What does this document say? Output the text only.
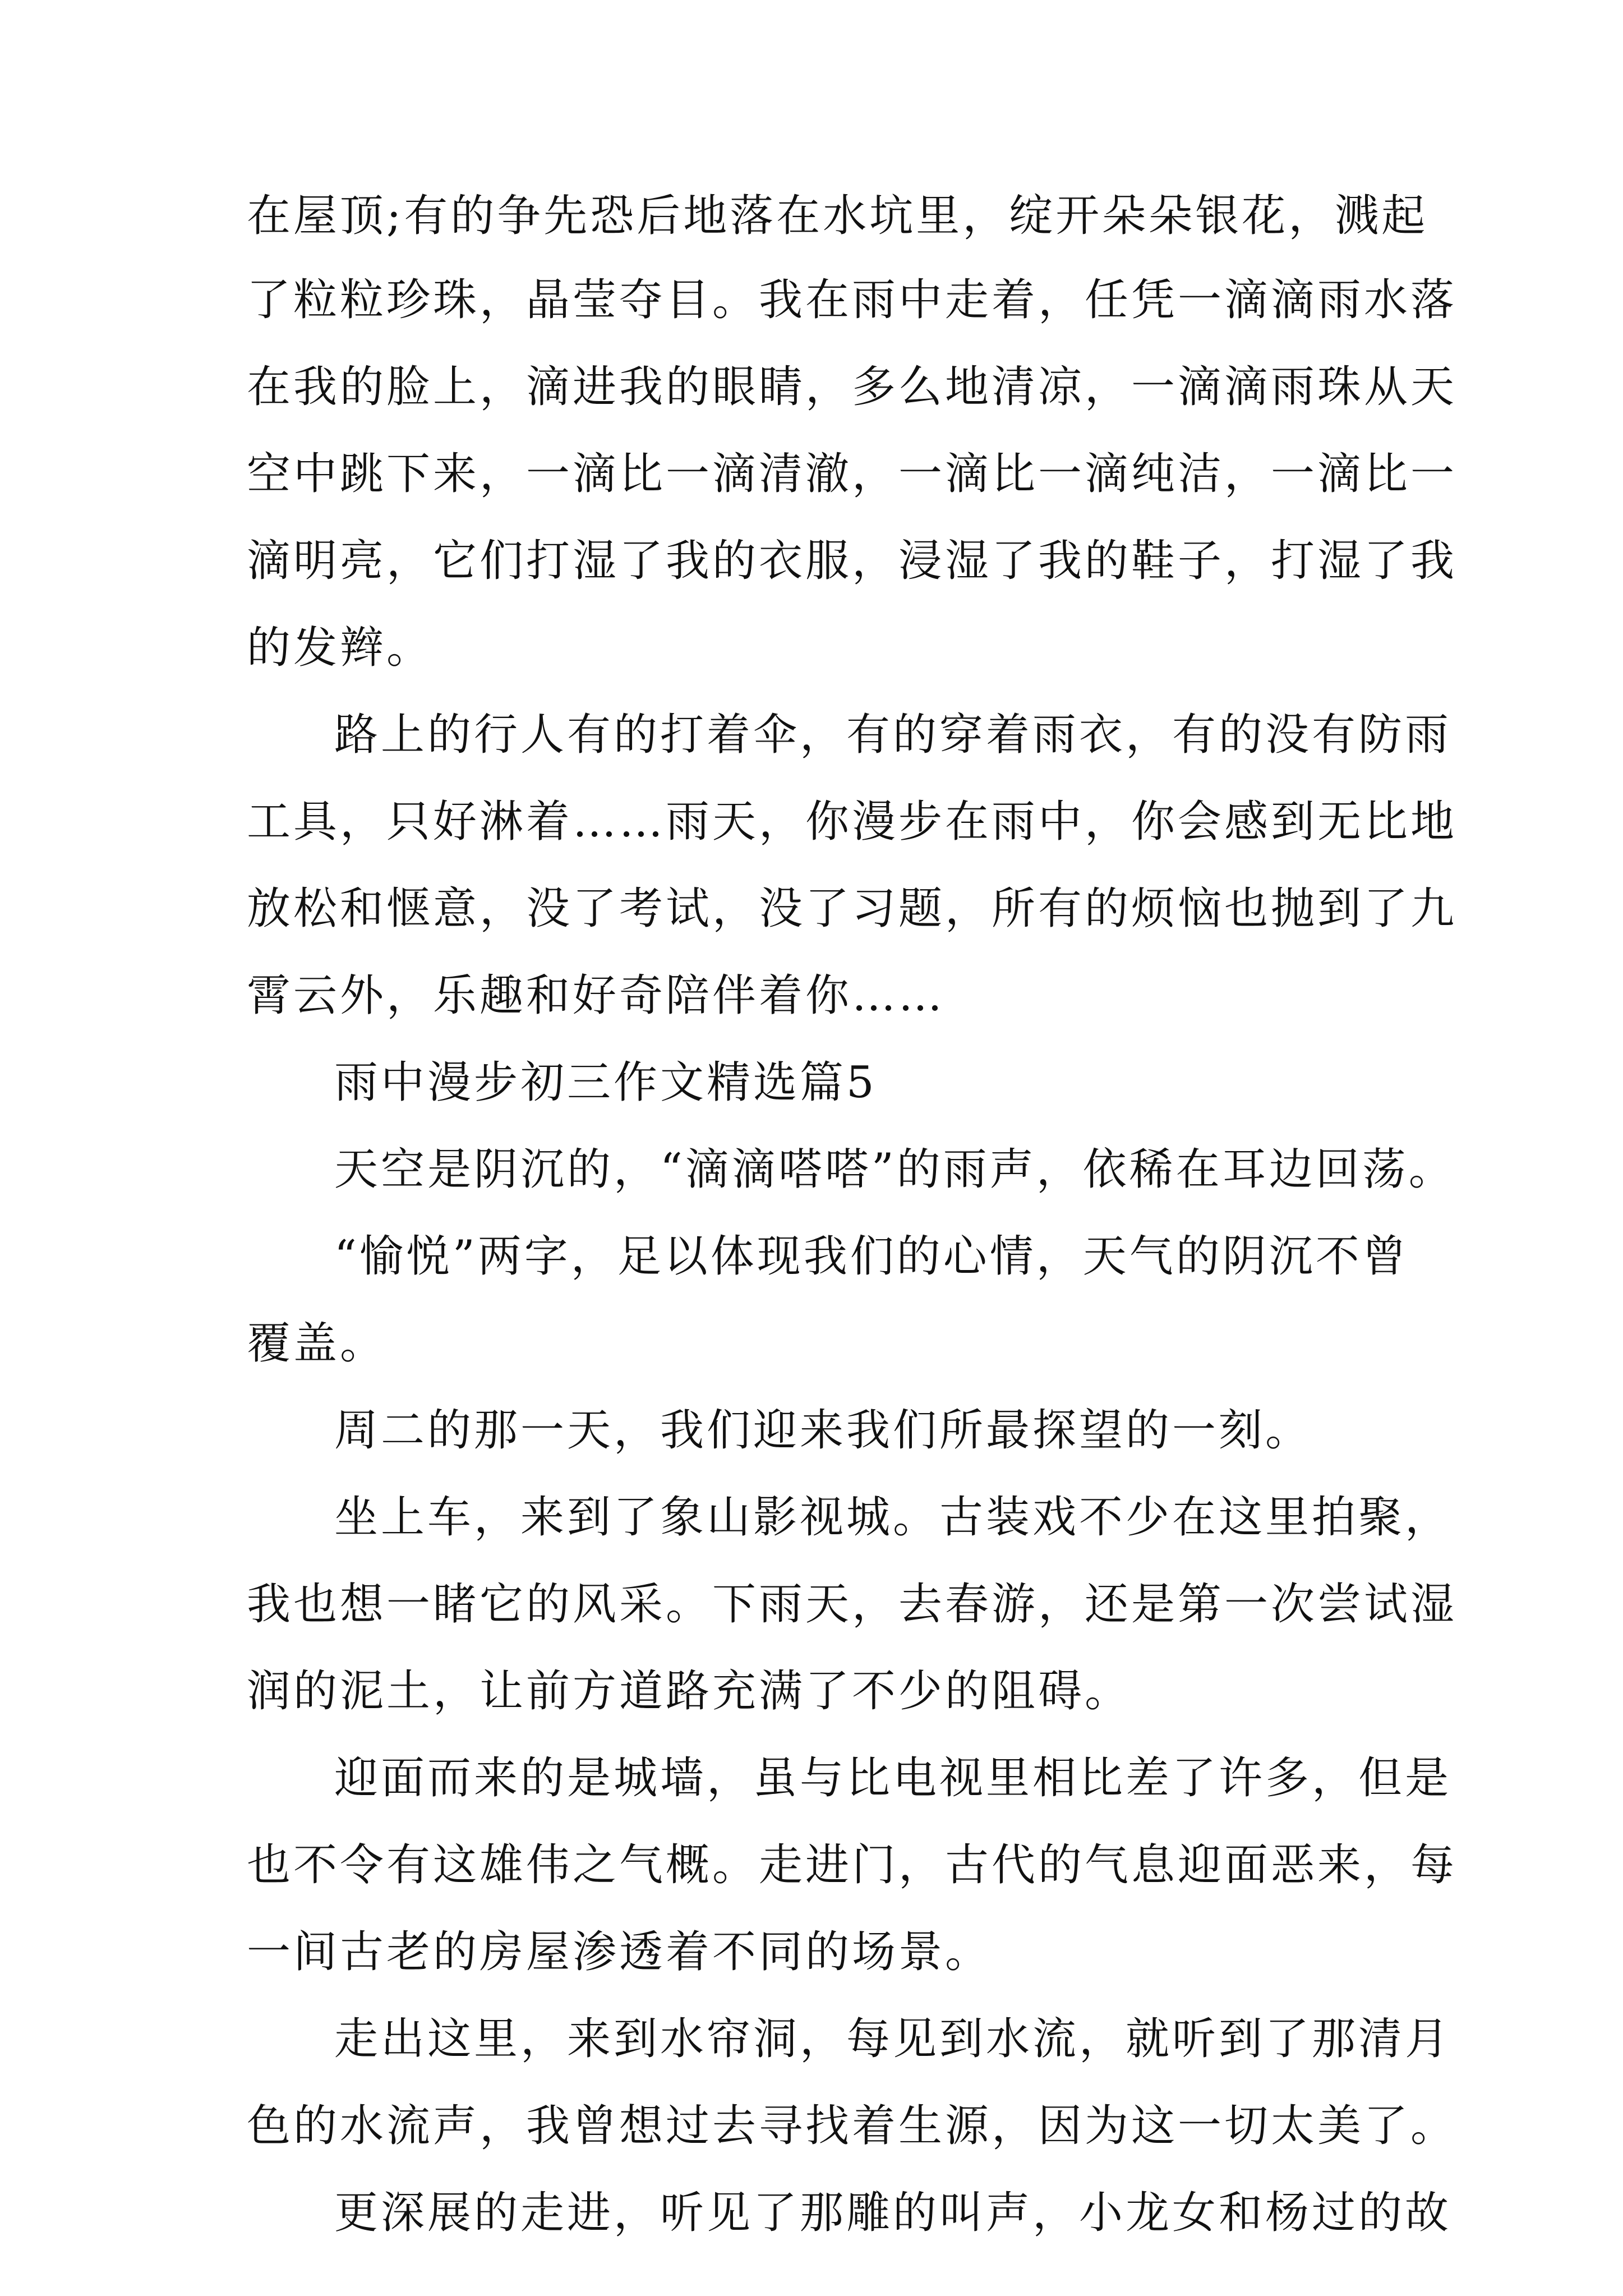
在屋顶;有的争先恐后地落在水坑里，绽开朵朵银花，溅起

了粒粒珍珠，晶莹夺目。我在雨中走着，任凭一滴滴雨水落

在我的脸上，滴进我的眼睛，多么地清凉，一滴滴雨珠从天

空中跳下来，一滴比一滴清澈，一滴比一滴纯洁，一滴比一

滴明亮，它们打湿了我的衣服，浸湿了我的鞋子，打湿了我

的发辫。

路上的行人有的打着伞，有的穿着雨衣，有的没有防雨

工具，只好淋着……雨天，你漫步在雨中，你会感到无比地

放松和惬意，没了考试，没了习题，所有的烦恼也抛到了九

霄云外，乐趣和好奇陪伴着你……

雨中漫步初三作文精选篇5

天空是阴沉的，“滴滴嗒嗒”的雨声，依稀在耳边回荡。

“愉悦”两字，足以体现我们的心情，天气的阴沉不曾

覆盖。

周二的那一天，我们迎来我们所最探望的一刻。

坐上车，来到了象山影视城。古装戏不少在这里拍聚，

我也想一睹它的风采。下雨天，去春游，还是第一次尝试湿

润的泥土，让前方道路充满了不少的阻碍。

迎面而来的是城墙，虽与比电视里相比差了许多，但是

也不令有这雄伟之气概。走进门，古代的气息迎面恶来，每

一间古老的房屋渗透着不同的场景。

走出这里，来到水帘洞，每见到水流，就听到了那清月

色的水流声，我曾想过去寻找着生源，因为这一切太美了。

更深展的走进，听见了那雕的叫声，小龙女和杨过的故
